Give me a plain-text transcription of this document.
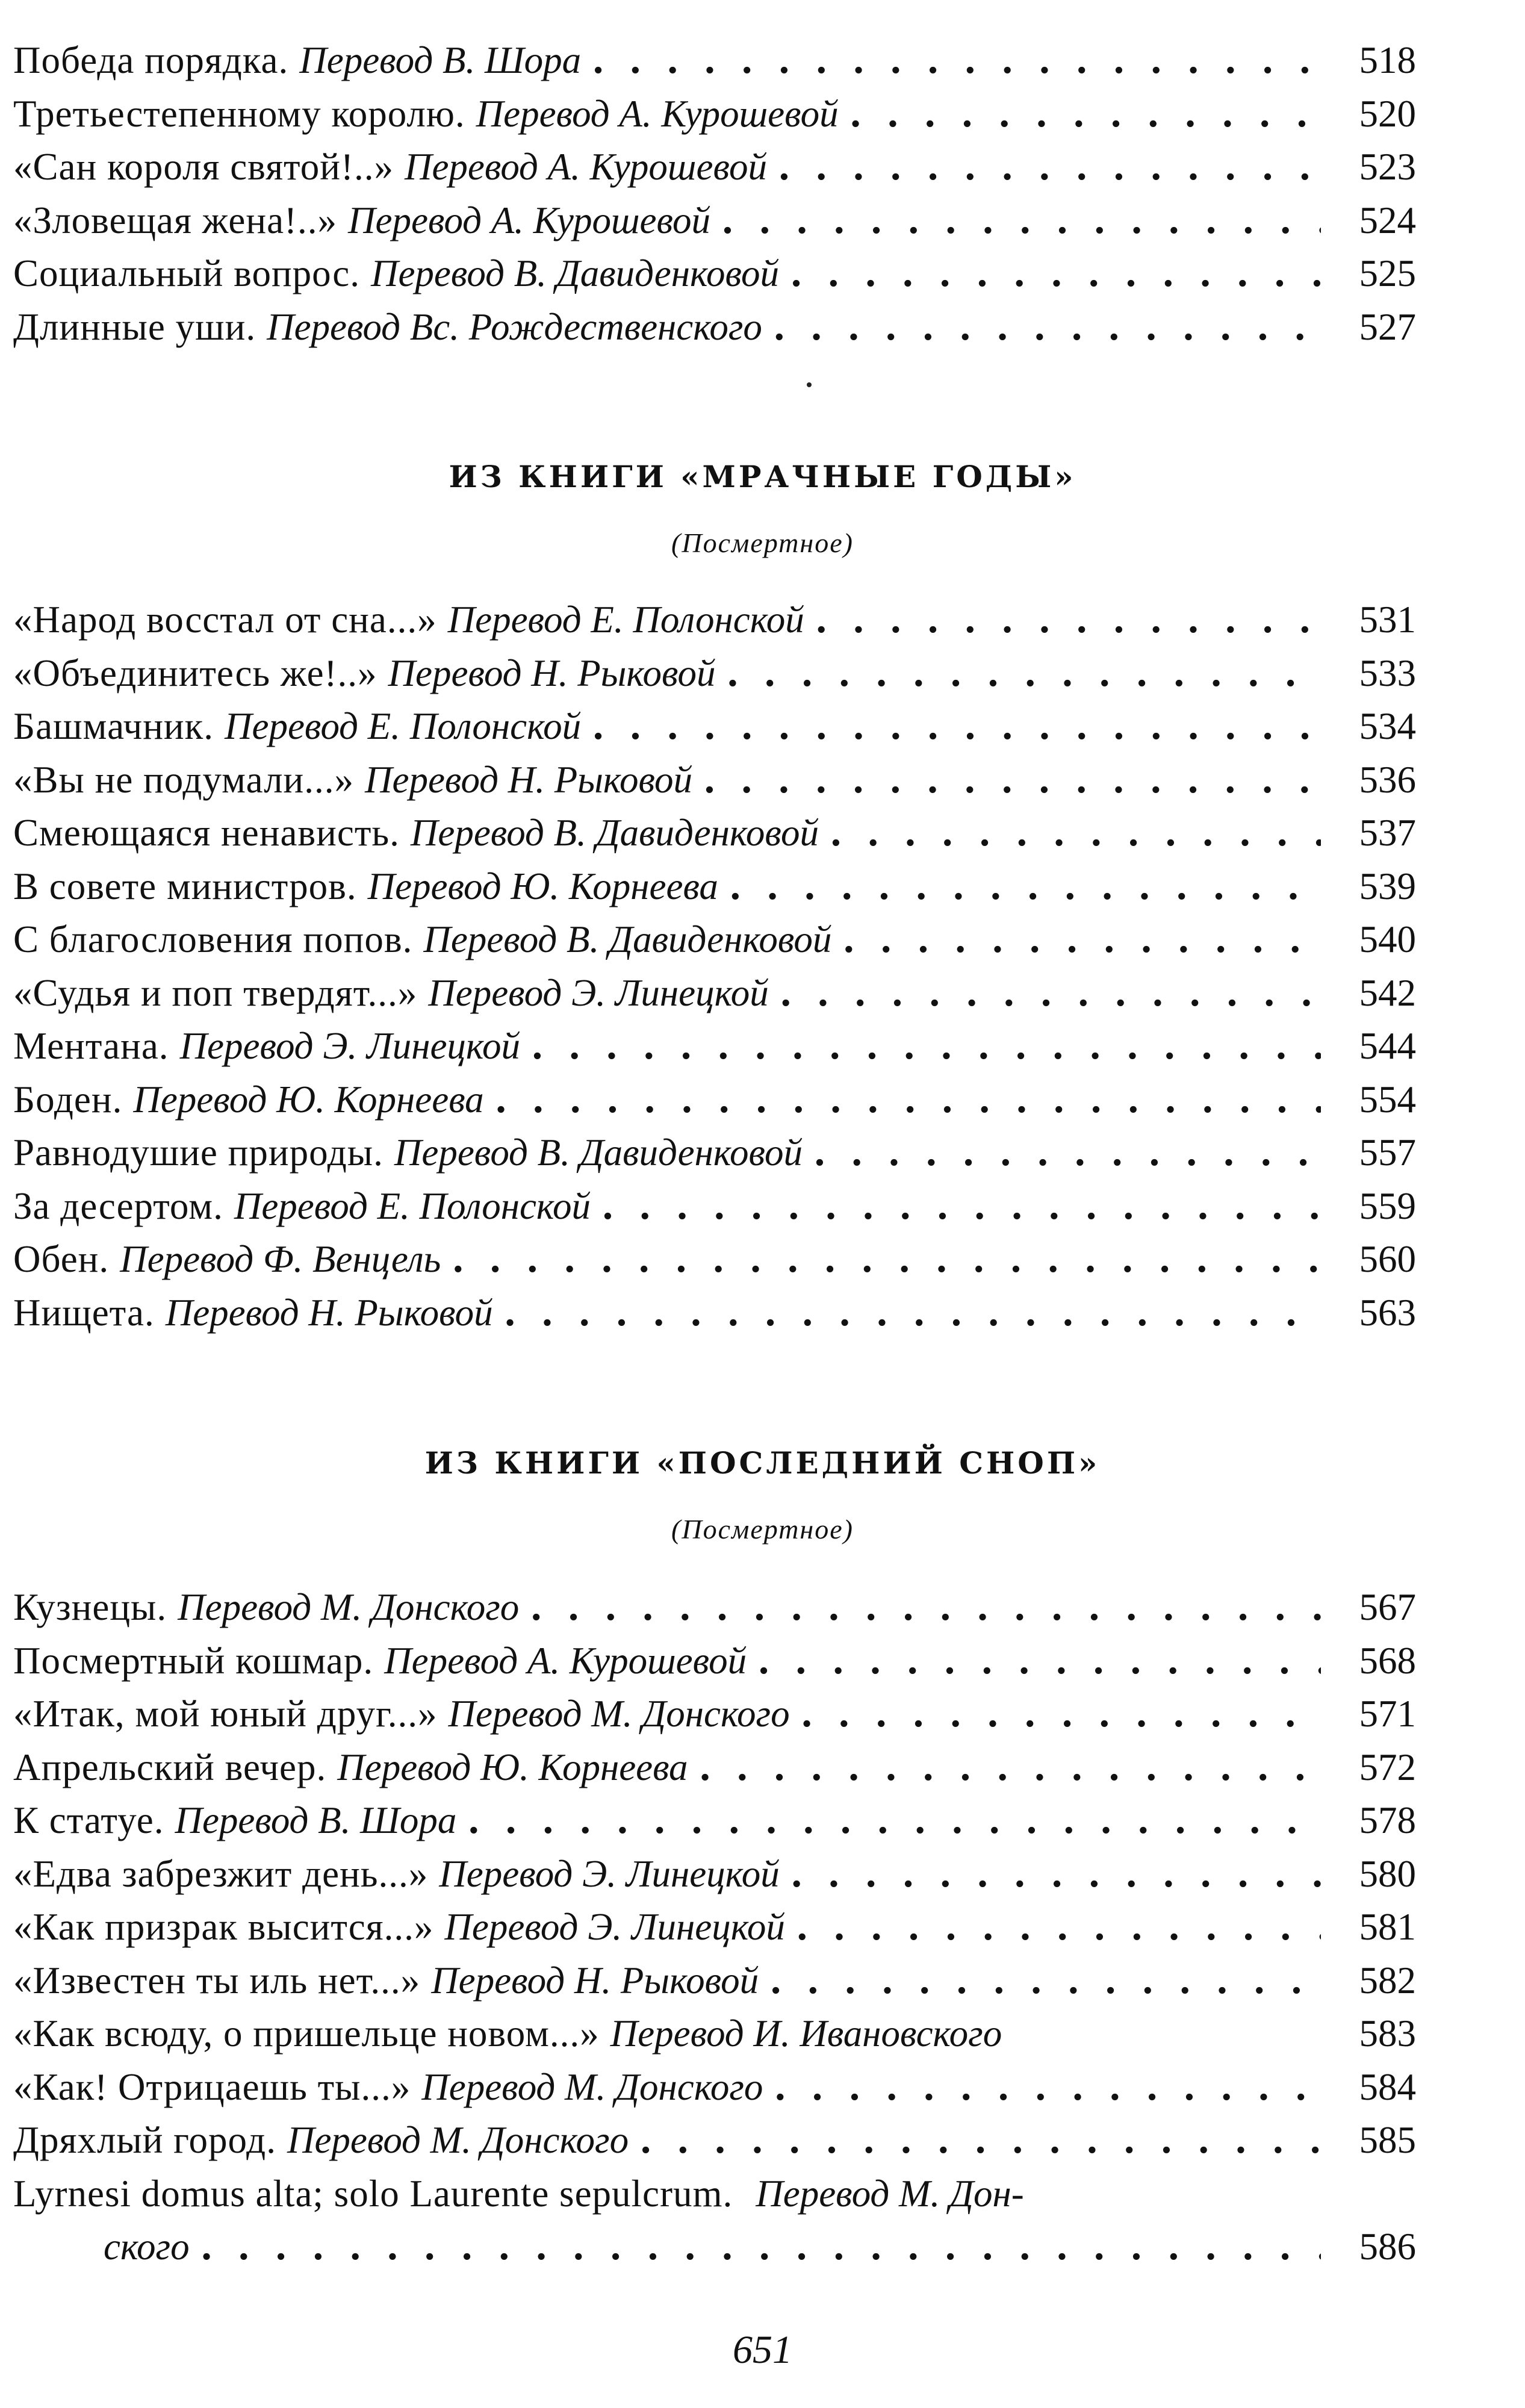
Победа порядка. Перевод В. Шора . . .	518
Третьестепенному королю. Перевод А. Курошевой . . .	520
«Сан короля святой!..» Перевод А. Курошевой . . .	523
«Зловещая жена!..» Перевод А. Курошевой . . .	524
Социальный вопрос. Перевод В. Давиденковой . . .	525
Длинные уши. Перевод Вс. Рождественского . . .	527
ИЗ КНИГИ «МРАЧНЫЕ ГОДЫ»
(Посмертное)
«Народ восстал от сна...» Перевод Е. Полонской . . .	531
«Объединитесь же!..» Перевод Н. Рыковой . . .	533
Башмачник. Перевод Е. Полонской . . .	534
«Вы не подумали...» Перевод Н. Рыковой . . .	536
Смеющаяся ненависть. Перевод В. Давиденковой . . .	537
В совете министров. Перевод Ю. Корнеева . . .	539
С благословения попов. Перевод В. Давиденковой . . .	540
«Судья и поп твердят...» Перевод Э. Линецкой . . .	542
Ментана. Перевод Э. Линецкой . . .	544
Боден. Перевод Ю. Корнеева . . .	554
Равнодушие природы. Перевод В. Давиденковой . . .	557
За десертом. Перевод Е. Полонской . . .	559
Обен. Перевод Ф. Венцель . . .	560
Нищета. Перевод Н. Рыковой . . .	563
ИЗ КНИГИ «ПОСЛЕДНИЙ СНОП»
(Посмертное)
Кузнецы. Перевод М. Донского . . .	567
Посмертный кошмар. Перевод А. Курошевой . . .	568
«Итак, мой юный друг...» Перевод М. Донского . . .	571
Апрельский вечер. Перевод Ю. Корнеева . . .	572
К статуе. Перевод В. Шора . . .	578
«Едва забрезжит день...» Перевод Э. Линецкой . . .	580
«Как призрак высится...» Перевод Э. Линецкой . . .	581
«Известен ты иль нет...» Перевод Н. Рыковой . . .	582
«Как всюду, о пришельце новом...» Перевод И. Ивановского	583
«Как! Отрицаешь ты...» Перевод М. Донского . . .	584
Дряхлый город. Перевод М. Донского . . .	585
Lyrnesi domus alta; solo Laurente sepulcrum. Перевод М. Дон-
ского . . .	586
651
